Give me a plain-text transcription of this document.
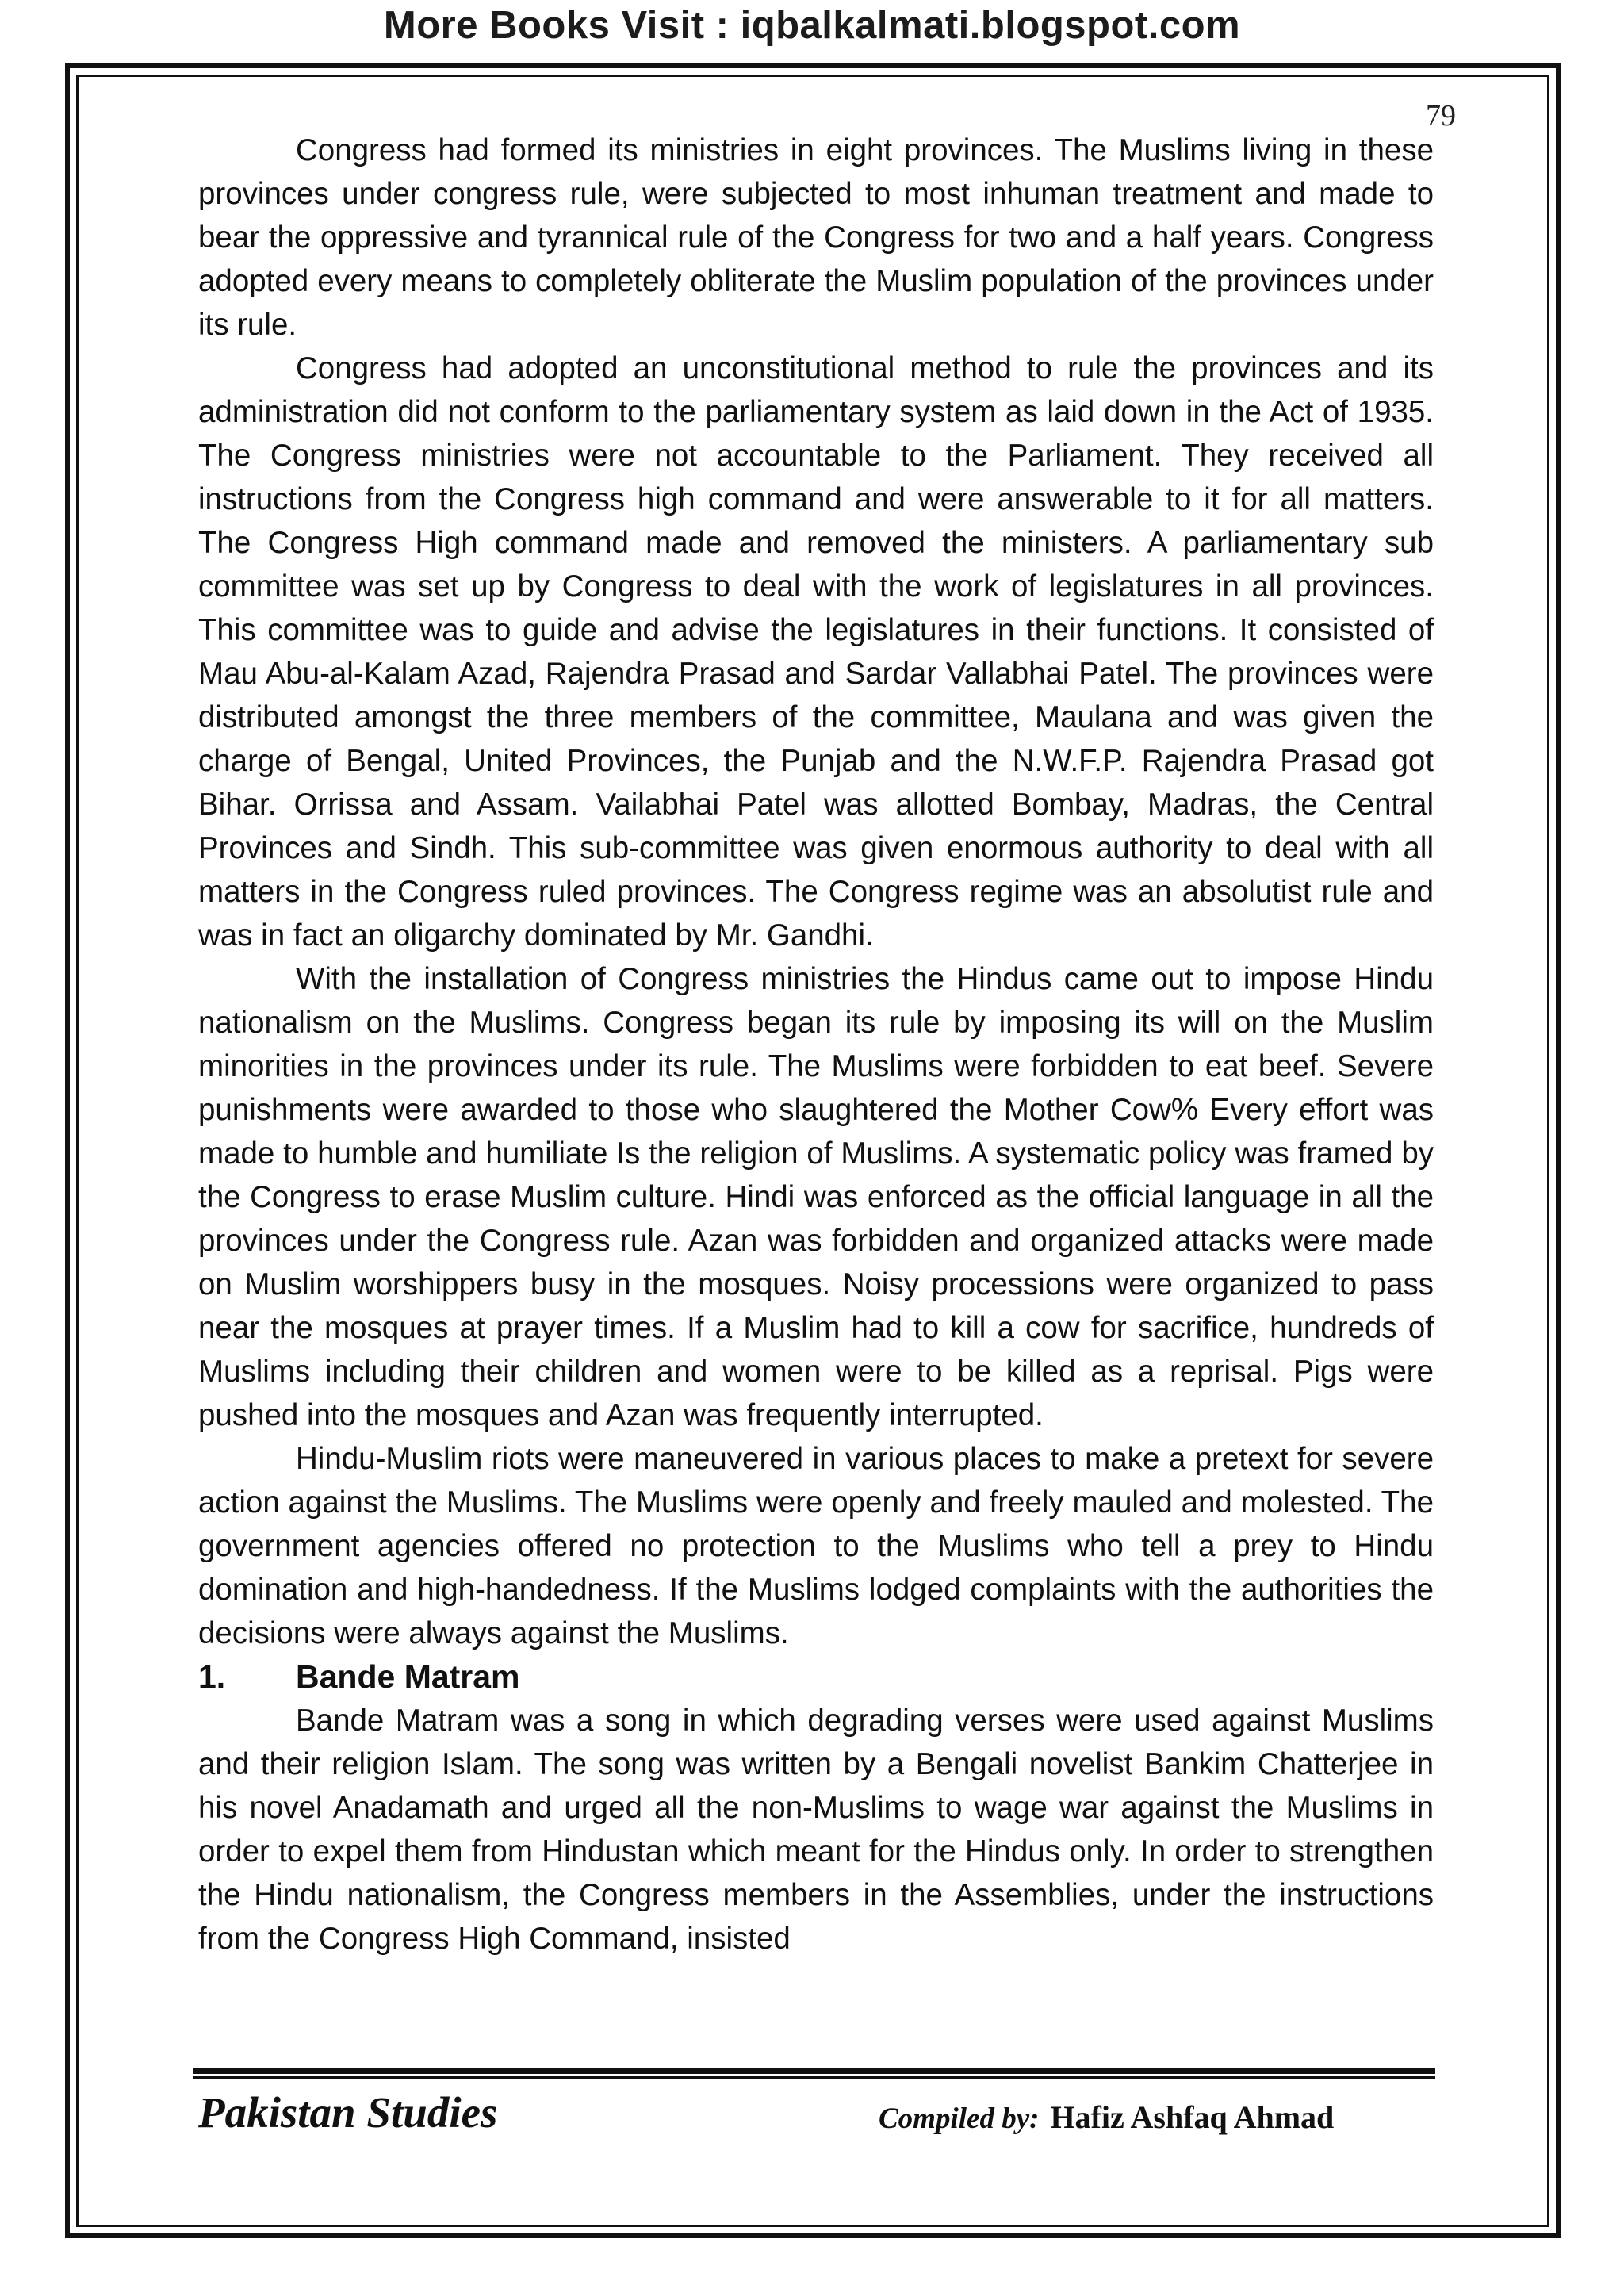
More Books Visit : iqbalkalmati.blogspot.com
79

Congress had formed its ministries in eight provinces. The Muslims living in these provinces under congress rule, were subjected to most inhuman treatment and made to bear the oppressive and tyrannical rule of the Congress for two and a half years. Congress adopted every means to completely obliterate the Muslim population of the provinces under its rule.

Congress had adopted an unconstitutional method to rule the provinces and its administration did not conform to the parliamentary system as laid down in the Act of 1935. The Congress ministries were not accountable to the Parliament. They received all instructions from the Congress high command and were answerable to it for all matters. The Congress High command made and removed the ministers. A parliamentary sub committee was set up by Congress to deal with the work of legislatures in all provinces. This committee was to guide and advise the legislatures in their functions. It consisted of Mau Abu-al-Kalam Azad, Rajendra Prasad and Sardar Vallabhai Patel. The provinces were distributed amongst the three members of the committee, Maulana and was given the charge of Bengal, United Provinces, the Punjab and the N.W.F.P. Rajendra Prasad got Bihar. Orrissa and Assam. Vailabhai Patel was allotted Bombay, Madras, the Central Provinces and Sindh. This sub-committee was given enormous authority to deal with all matters in the Congress ruled provinces. The Congress regime was an absolutist rule and was in fact an oligarchy dominated by Mr. Gandhi.

With the installation of Congress ministries the Hindus came out to impose Hindu nationalism on the Muslims. Congress began its rule by imposing its will on the Muslim minorities in the provinces under its rule. The Muslims were forbidden to eat beef. Severe punishments were awarded to those who slaughtered the Mother Cow% Every effort was made to humble and humiliate Is the religion of Muslims. A systematic policy was framed by the Congress to erase Muslim culture. Hindi was enforced as the official language in all the provinces under the Congress rule. Azan was forbidden and organized attacks were made on Muslim worshippers busy in the mosques. Noisy processions were organized to pass near the mosques at prayer times. If a Muslim had to kill a cow for sacrifice, hundreds of Muslims including their children and women were to be killed as a reprisal. Pigs were pushed into the mosques and Azan was frequently interrupted.

Hindu-Muslim riots were maneuvered in various places to make a pretext for severe action against the Muslims. The Muslims were openly and freely mauled and molested. The government agencies offered no protection to the Muslims who tell a prey to Hindu domination and high-handedness. If the Muslims lodged complaints with the authorities the decisions were always against the Muslims.

1.	Bande Matram

Bande Matram was a song in which degrading verses were used against Muslims and their religion Islam. The song was written by a Bengali novelist Bankim Chatterjee in his novel Anadamath and urged all the non-Muslims to wage war against the Muslims in order to expel them from Hindustan which meant for the Hindus only. In order to strengthen the Hindu nationalism, the Congress members in the Assemblies, under the instructions from the Congress High Command, insisted

Pakistan Studies	Compiled by: Hafiz Ashfaq Ahmad
